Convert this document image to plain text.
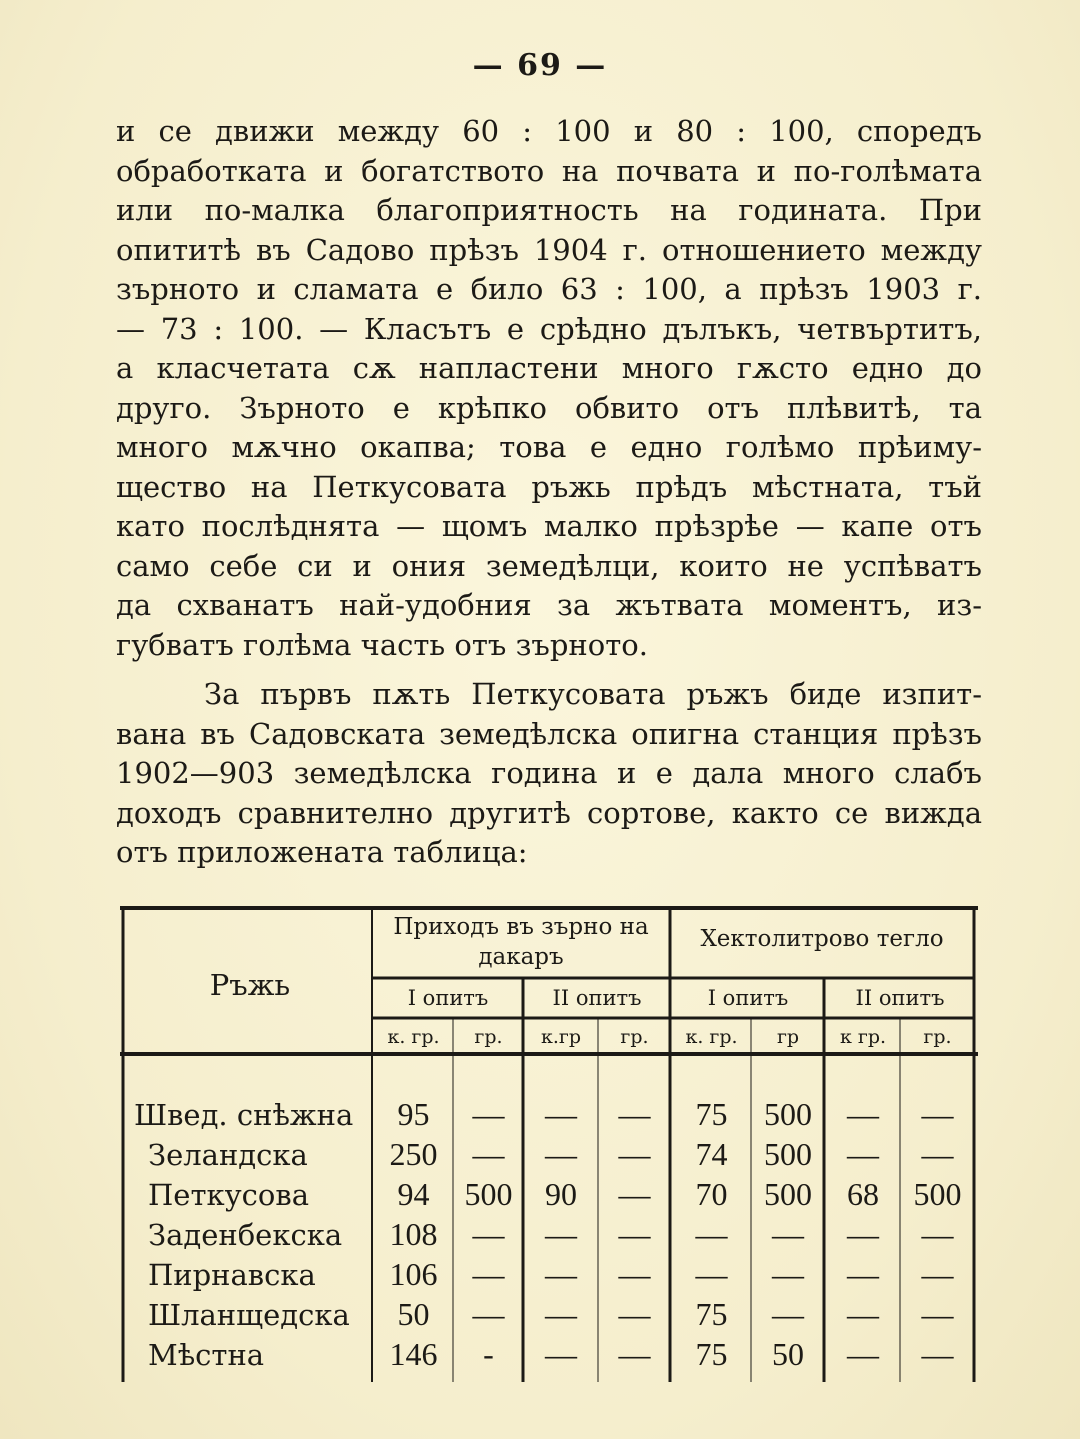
— 69 —
и се движи между 60 : 100 и 80 : 100, споредъ
обработката и богатството на почвата и по-голѣмата
или по-малка благоприятность на годината. При
опититѣ въ Садово прѣзъ 1904 г. отношението между
зърното и сламата е било 63 : 100, а прѣзъ 1903 г.
— 73 : 100. — Класътъ е срѣдно дълъкъ, четвъртитъ,
а класчетата сѫ напластени много гѫсто едно до
друго. Зърното е крѣпко обвито отъ плѣвитѣ, та
много мѫчно окапва; това е едно голѣмо прѣиму-
щество на Петкусовата ръжь прѣдъ мѣстната, тъй
като послѣднята — щомъ малко прѣзрѣе — капе отъ
само себе си и ония земедѣлци, които не успѣватъ
да схванатъ най-удобния за жътвата моментъ, из-
губватъ голѣма часть отъ зърното.
За първъ пѫть Петкусовата ръжъ биде изпит-
вана въ Садовската земедѣлска опигна станция прѣзъ
1902—903 земедѣлска година и е дала много слабъ
доходъ сравнително другитѣ сортове, както се вижда
отъ приложената таблица:
Ръжь
Приходъ въ зърно на дакаръ
Хектолитрово тегло
I опитъ	II опитъ	I опитъ	II опитъ
к. гр.	гр.	к.гр	гр.	к. гр.	гр	к гр.	гр.
Швед. снѣжна	95	—	—	—	75	500	—	—
Зеландска	250	—	—	—	74	500	—	—
Петкусова	94	500	90	—	70	500	68	500
Заденбекска	108	—	—	—	—	—	—	—
Пирнавска	106	—	—	—	—	—	—	—
Шланщедска	50	—	—	—	75	—	—	—
Мѣстна	146	-	—	—	75	50	—	—
